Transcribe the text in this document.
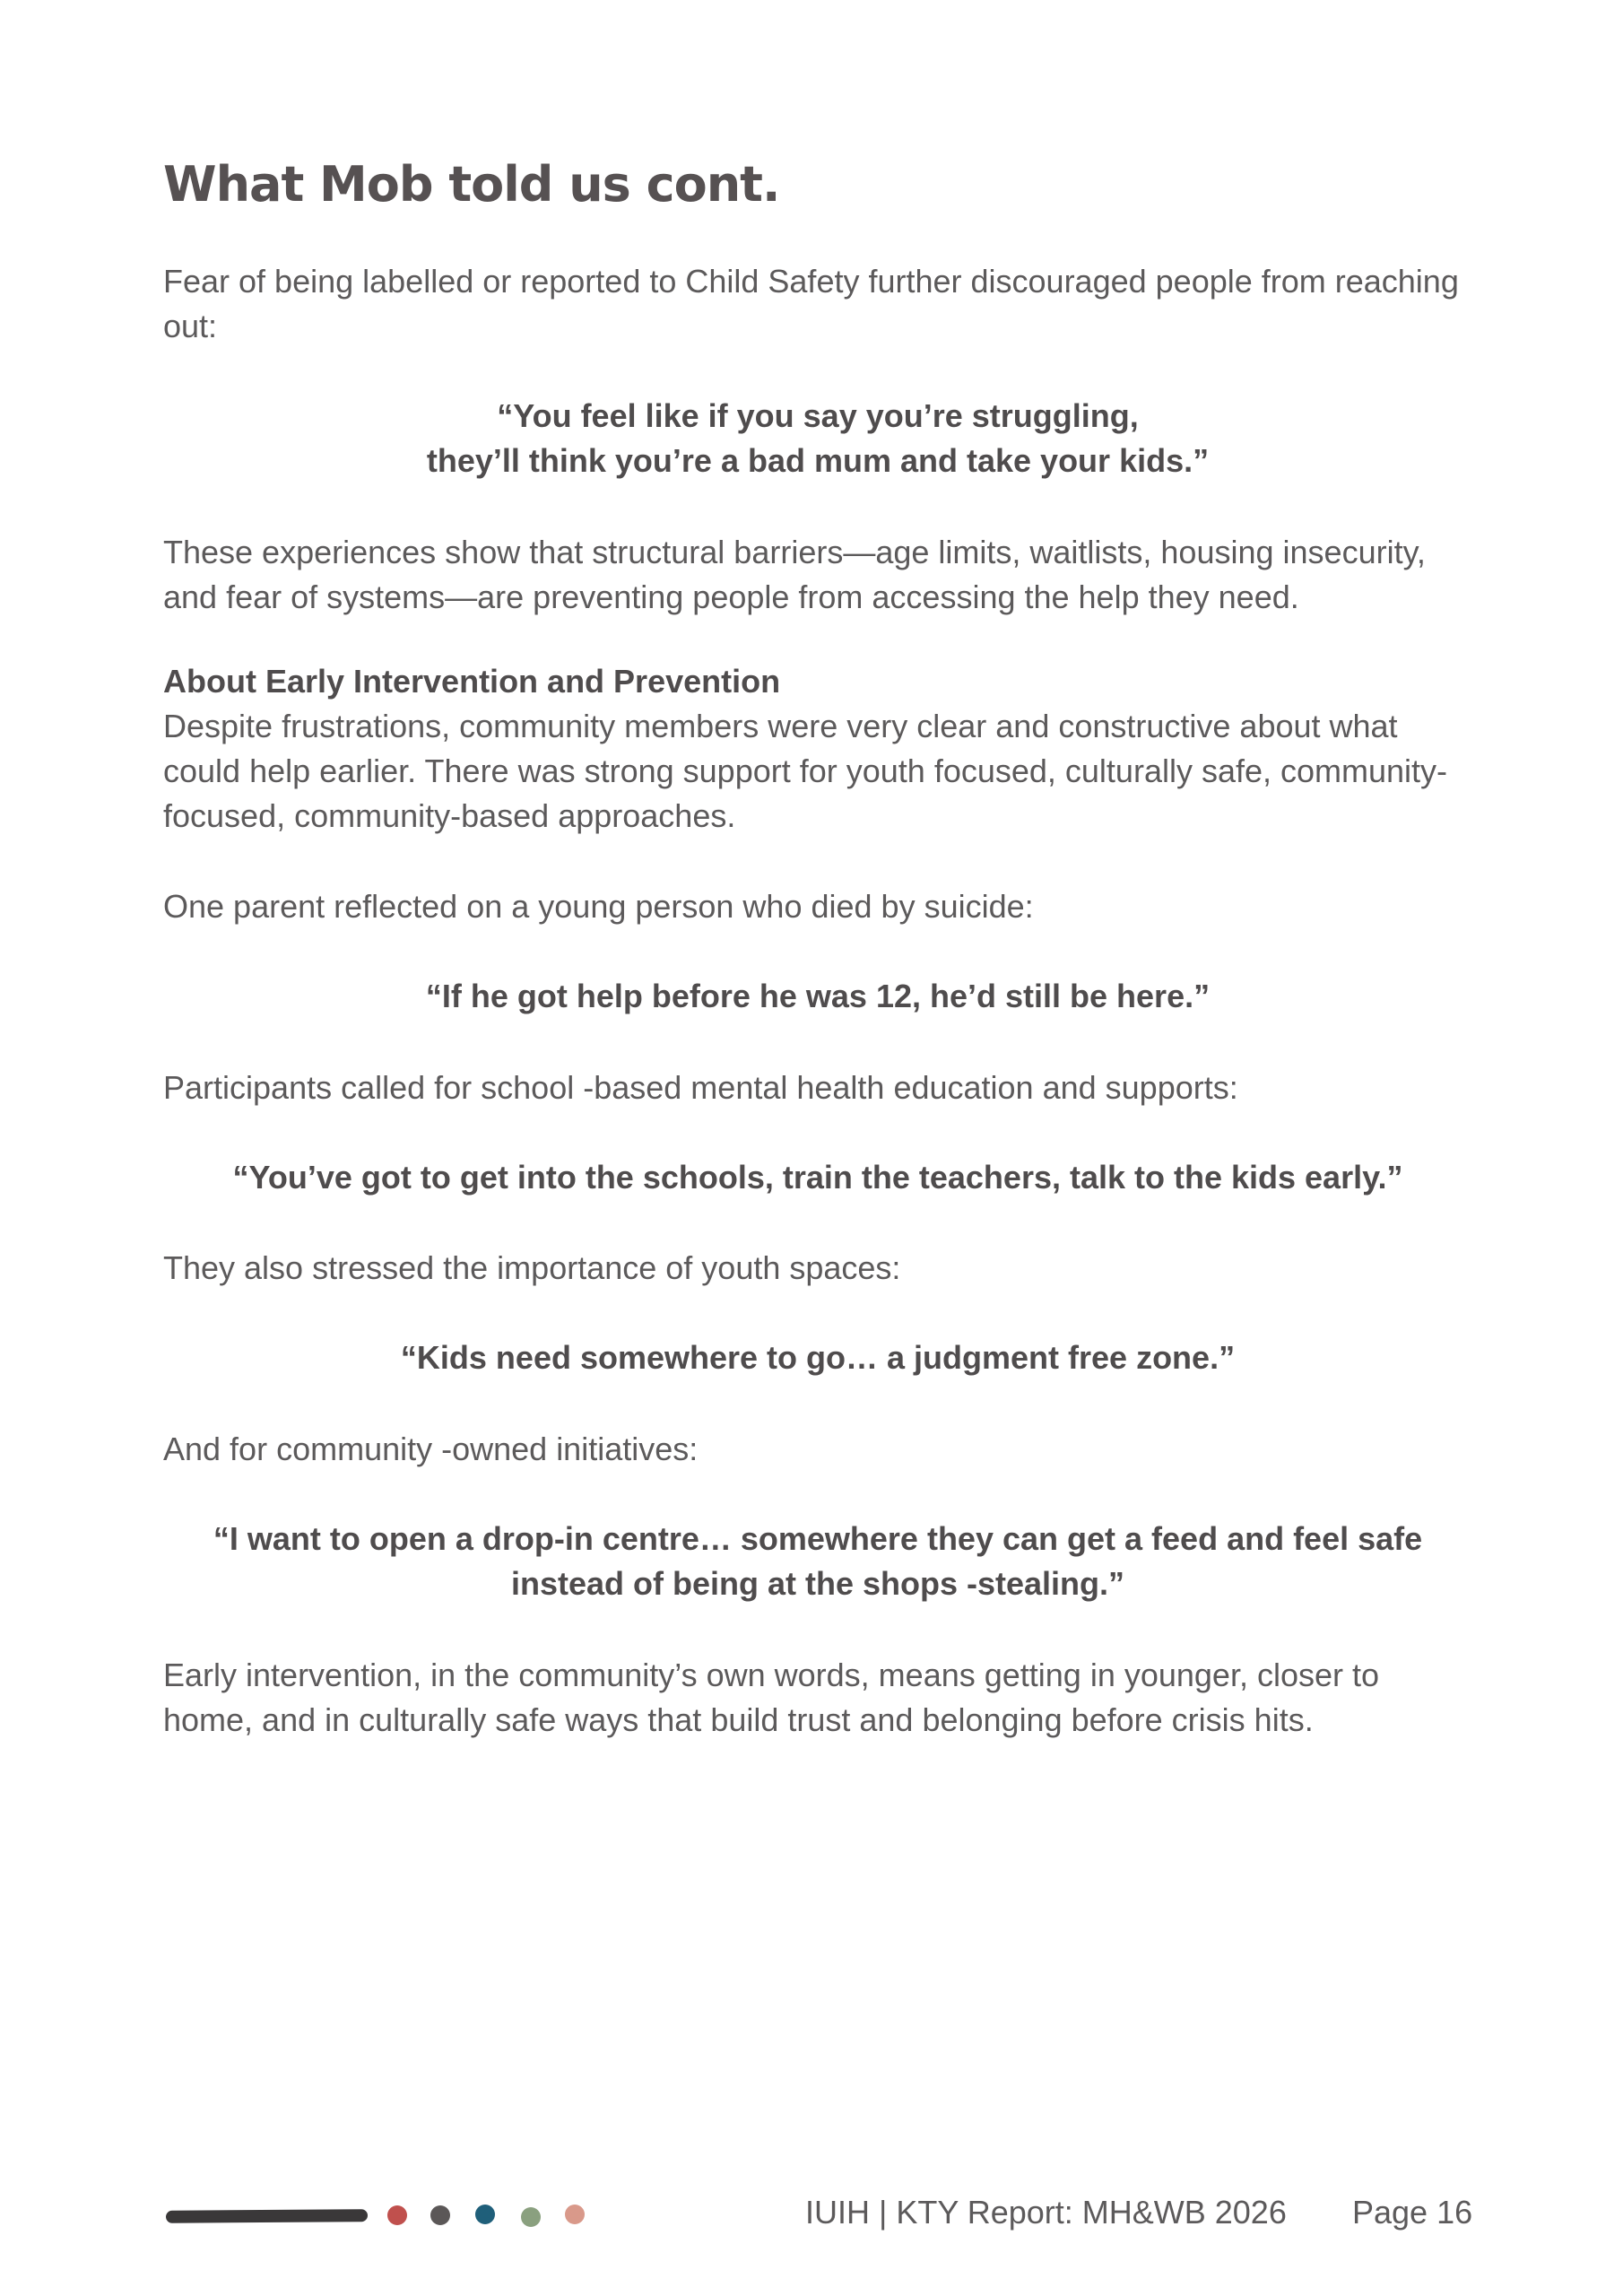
What Mob told us cont.

Fear of being labelled or reported to Child Safety further discouraged people from reaching out:

“You feel like if you say you’re struggling,
they’ll think you’re a bad mum and take your kids.”

These experiences show that structural barriers—age limits, waitlists, housing insecurity, and fear of systems—are preventing people from accessing the help they need.

About Early Intervention and Prevention
Despite frustrations, community members were very clear and constructive about what could help earlier. There was strong support for youth focused, culturally safe, community-focused, community-based approaches.

One parent reflected on a young person who died by suicide:

“If he got help before he was 12, he’d still be here.”

Participants called for school -based mental health education and supports:

“You’ve got to get into the schools, train the teachers, talk to the kids early.”

They also stressed the importance of youth spaces:

“Kids need somewhere to go… a judgment free zone.”

And for community -owned initiatives:

“I want to open a drop-in centre… somewhere they can get a feed and feel safe
instead of being at the shops -stealing.”

Early intervention, in the community’s own words, means getting in younger, closer to home, and in culturally safe ways that build trust and belonging before crisis hits.

IUIH | KTY Report: MH&WB 2026 Page 16
